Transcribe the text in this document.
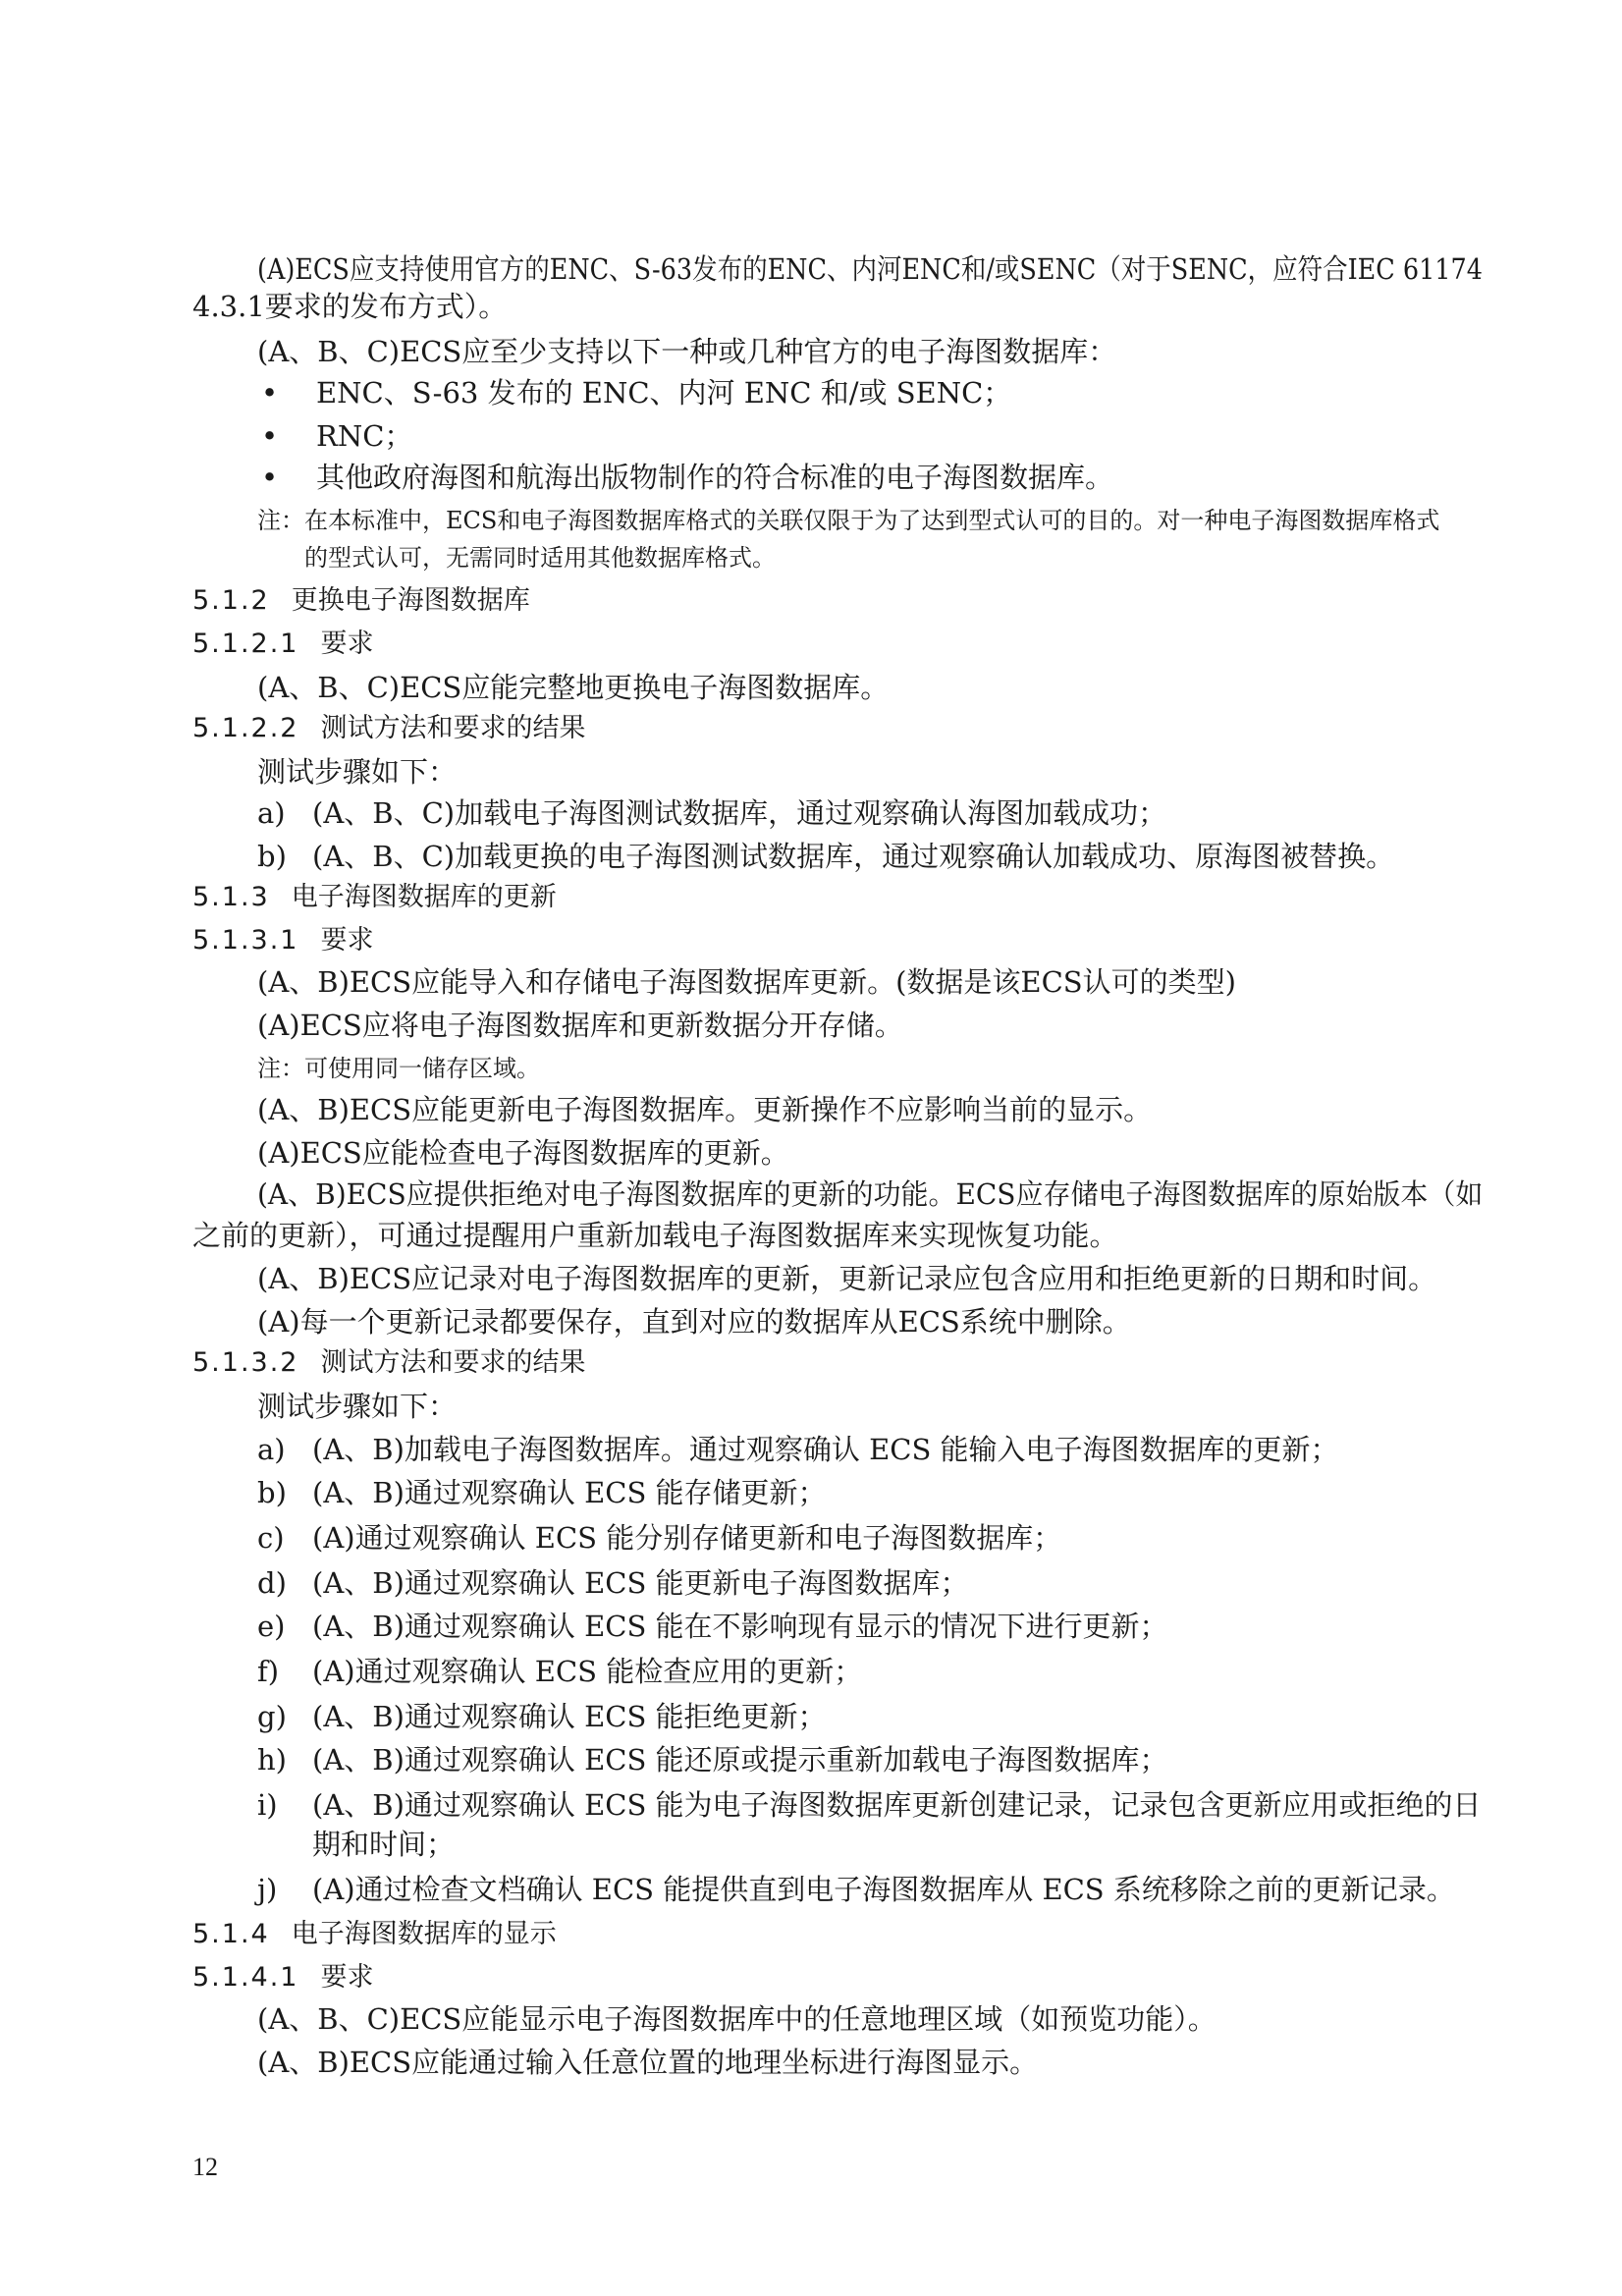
(A)ECS应支持使用官方的ENC、S-63发布的ENC、内河ENC和/或SENC（对于SENC，应符合IEC 61174
4.3.1要求的发布方式）。
(A、B、C)ECS应至少支持以下一种或几种官方的电子海图数据库：
• ENC、S-63 发布的 ENC、内河 ENC 和/或 SENC；
• RNC；
• 其他政府海图和航海出版物制作的符合标准的电子海图数据库。
注：在本标准中，ECS和电子海图数据库格式的关联仅限于为了达到型式认可的目的。对一种电子海图数据库格式
的型式认可，无需同时适用其他数据库格式。
5.1.2 更换电子海图数据库
5.1.2.1 要求
(A、B、C)ECS应能完整地更换电子海图数据库。
5.1.2.2 测试方法和要求的结果
测试步骤如下：
a) (A、B、C)加载电子海图测试数据库，通过观察确认海图加载成功；
b) (A、B、C)加载更换的电子海图测试数据库，通过观察确认加载成功、原海图被替换。
5.1.3 电子海图数据库的更新
5.1.3.1 要求
(A、B)ECS应能导入和存储电子海图数据库更新。(数据是该ECS认可的类型)
(A)ECS应将电子海图数据库和更新数据分开存储。
注：可使用同一储存区域。
(A、B)ECS应能更新电子海图数据库。更新操作不应影响当前的显示。
(A)ECS应能检查电子海图数据库的更新。
(A、B)ECS应提供拒绝对电子海图数据库的更新的功能。ECS应存储电子海图数据库的原始版本（如
之前的更新），可通过提醒用户重新加载电子海图数据库来实现恢复功能。
(A、B)ECS应记录对电子海图数据库的更新，更新记录应包含应用和拒绝更新的日期和时间。
(A)每一个更新记录都要保存，直到对应的数据库从ECS系统中删除。
5.1.3.2 测试方法和要求的结果
测试步骤如下：
a) (A、B)加载电子海图数据库。通过观察确认 ECS 能输入电子海图数据库的更新；
b) (A、B)通过观察确认 ECS 能存储更新；
c) (A)通过观察确认 ECS 能分别存储更新和电子海图数据库；
d) (A、B)通过观察确认 ECS 能更新电子海图数据库；
e) (A、B)通过观察确认 ECS 能在不影响现有显示的情况下进行更新；
f) (A)通过观察确认 ECS 能检查应用的更新；
g) (A、B)通过观察确认 ECS 能拒绝更新；
h) (A、B)通过观察确认 ECS 能还原或提示重新加载电子海图数据库；
i) (A、B)通过观察确认 ECS 能为电子海图数据库更新创建记录，记录包含更新应用或拒绝的日
期和时间；
j) (A)通过检查文档确认 ECS 能提供直到电子海图数据库从 ECS 系统移除之前的更新记录。
5.1.4 电子海图数据库的显示
5.1.4.1 要求
(A、B、C)ECS应能显示电子海图数据库中的任意地理区域（如预览功能）。
(A、B)ECS应能通过输入任意位置的地理坐标进行海图显示。
12
